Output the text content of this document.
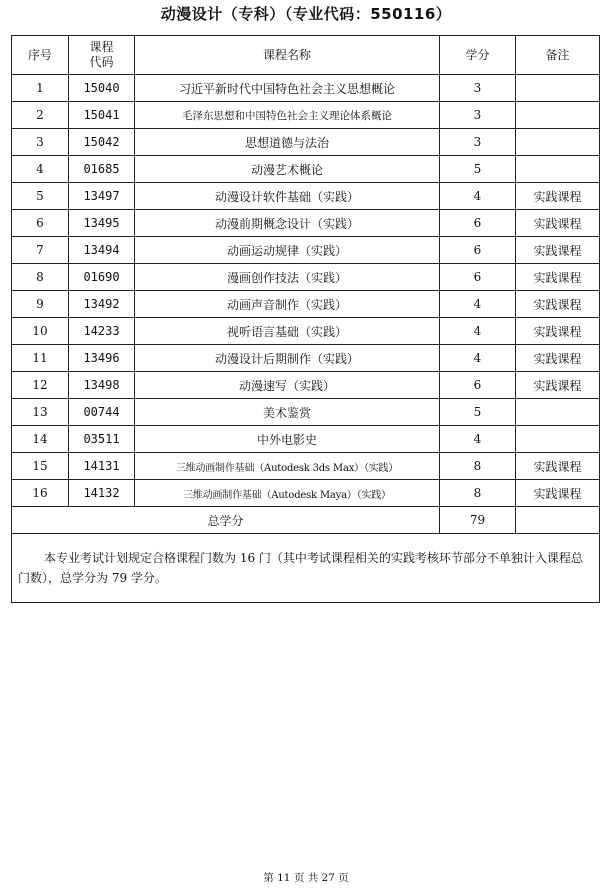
动漫设计（专科）（专业代码：550116）
序号	课程
代码	课程名称	学分	备注
1	15040	习近平新时代中国特色社会主义思想概论	3	
2	15041	毛泽东思想和中国特色社会主义理论体系概论	3	
3	15042	思想道德与法治	3	
4	01685	动漫艺术概论	5	
5	13497	动漫设计软件基础（实践）	4	实践课程
6	13495	动漫前期概念设计（实践）	6	实践课程
7	13494	动画运动规律（实践）	6	实践课程
8	01690	漫画创作技法（实践）	6	实践课程
9	13492	动画声音制作（实践）	4	实践课程
10	14233	视听语言基础（实践）	4	实践课程
11	13496	动漫设计后期制作（实践）	4	实践课程
12	13498	动漫速写（实践）	6	实践课程
13	00744	美术鉴赏	5	
14	03511	中外电影史	4	
15	14131	三维动画制作基础（Autodesk 3ds Max）（实践）	8	实践课程
16	14132	三维动画制作基础（Autodesk Maya）（实践）	8	实践课程
总学分			79	

本专业考试计划规定合格课程门数为 16 门（其中考试课程相关的实践考核环节部分不单独计入课程总门数），总学分为 79 学分。				
第 11 页 共 27 页
